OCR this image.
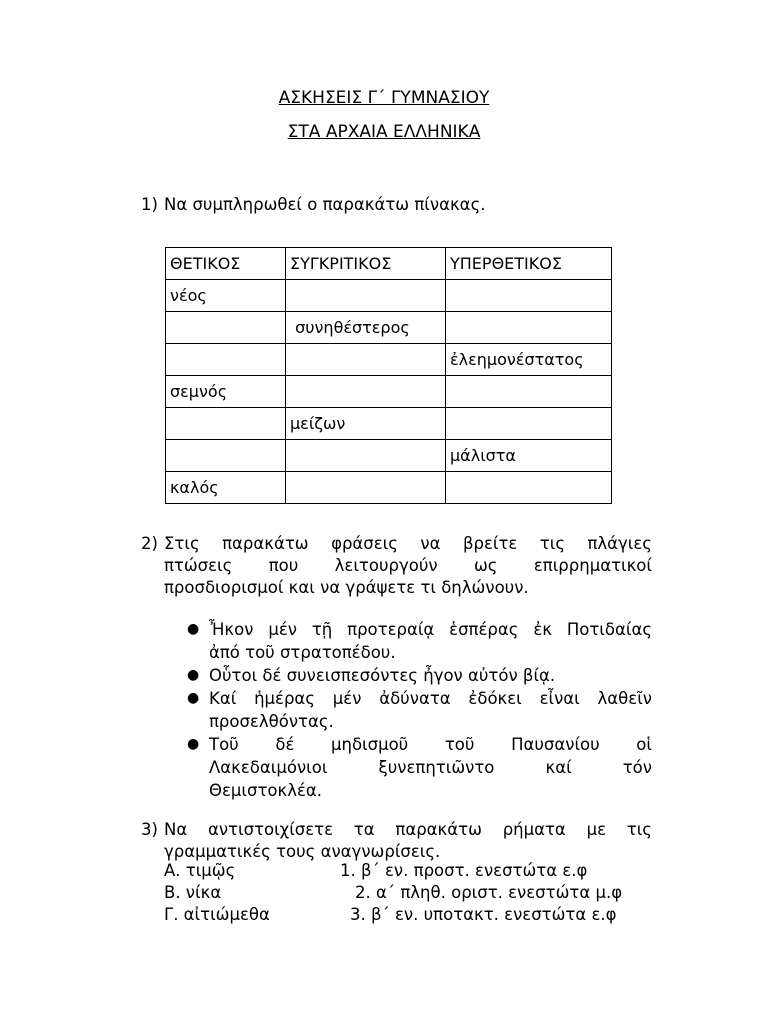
ΑΣΚΗΣΕΙΣ Γ΄ ΓΥΜΝΑΣΙΟΥ
ΣΤΑ ΑΡΧΑΙΑ ΕΛΛΗΝΙΚΑ
1) Να συμπληρωθεί ο παρακάτω πίνακας.
ΘΕΤΙΚΟΣ	ΣΥΓΚΡΙΤΙΚΟΣ	ΥΠΕΡΘΕΤΙΚΟΣ
νέος		
	συνηθέστερος	
		ἐλεημονέστατος
σεμνός		
	μείζων	
		μάλιστα
καλός		
2) Στις παρακάτω φράσεις να βρείτε τις πλάγιες
πτώσεις που λειτουργούν ως επιρρηματικοί
προσδιορισμοί και να γράψετε τι δηλώνουν.
● Ἦκον μέν τῇ προτεραίᾳ ἑσπέρας ἐκ Ποτιδαίας
ἀπό τοῦ στρατοπέδου.
● Οὗτοι δέ συνεισπεσόντες ἦγον αὐτόν βίᾳ.
● Καί ἡμέρας μέν ἀδύνατα ἐδόκει εἶναι λαθεῖν
προσελθόντας.
● Τοῦ δέ μηδισμοῦ τοῦ Παυσανίου οἱ
Λακεδαιμόνιοι ξυνεπητιῶντο καί τόν
Θεμιστοκλέα.
3) Να αντιστοιχίσετε τα παρακάτω ρήματα με τις
γραμματικές τους αναγνωρίσεις.
Α. τιμῷς	1. β΄ εν. προστ. ενεστώτα ε.φ
Β. νίκα	2. α΄ πληθ. οριστ. ενεστώτα μ.φ
Γ. αἰτιώμεθα	3. β΄ εν. υποτακτ. ενεστώτα ε.φ
